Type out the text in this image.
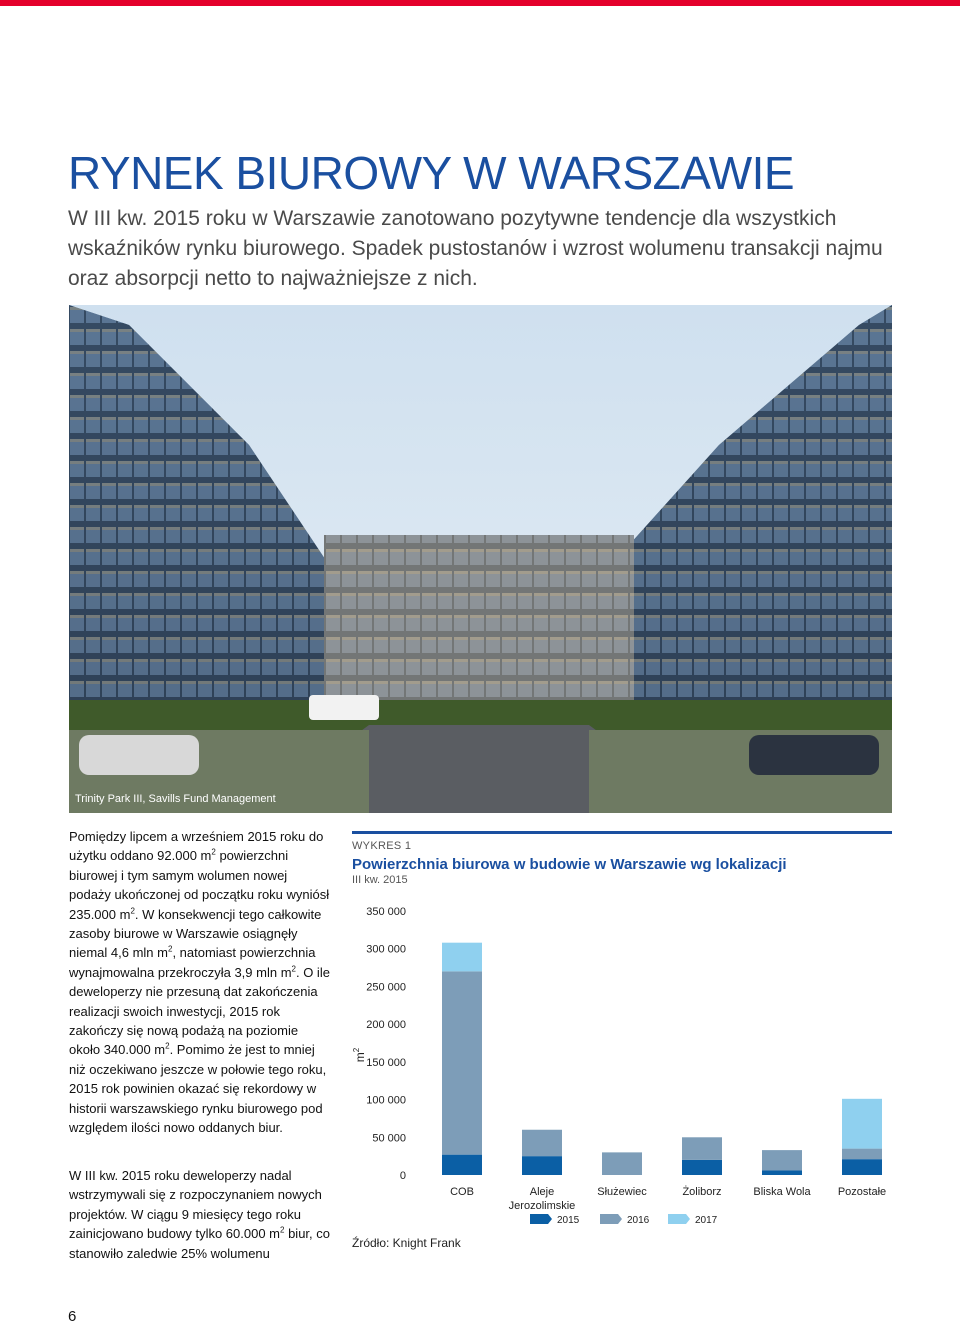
RYNEK BIUROWY W WARSZAWIE

W III kw. 2015 roku w Warszawie zanotowano pozytywne tendencje dla wszystkich wskaźników rynku biurowego. Spadek pustostanów i wzrost wolumenu transakcji najmu oraz absorpcji netto to najważniejsze z nich.

Trinity Park III, Savills Fund Management

Pomiędzy lipcem a wrześniem 2015 roku do użytku oddano 92.000 $m^2$ powierzchni biurowej i tym samym wolumen nowej podaży ukończonej od początku roku wyniósł 235.000 $m^2$. W konsekwencji tego całkowite zasoby biurowe w Warszawie osiągnęły niemal 4,6 mln $m^2$, natomiast powierzchnia wynajmowalna przekroczyła 3,9 mln $m^2$. O ile deweloperzy nie przesuną dat zakończenia realizacji swoich inwestycji, 2015 rok zakończy się nową podażą na poziomie około 340.000 $m^2$. Pomimo że jest to mniej niż oczekiwano jeszcze w połowie tego roku, 2015 rok powinien okazać się rekordowy w historii warszawskiego rynku biurowego pod względem ilości nowo oddanych biur.

W III kw. 2015 roku deweloperzy nadal wstrzymywali się z rozpoczynaniem nowych projektów. W ciągu 9 miesięcy tego roku zainicjowano budowy tylko 60.000 $m^2$ biur, co stanowiło zaledwie 25% wolumenu

WYKRES 1
Powierzchnia biurowa w budowie w Warszawie wg lokalizacji
III kw. 2015
0
50 000
100 000
150 000
200 000
250 000
300 000
350 000
$m^2$
COB	Aleje
Jerozolimskie
Służewiec	Żoliborz	Bliska Wola Pozostałe
2015	2016	2017
Źródło: Knight Frank
6
